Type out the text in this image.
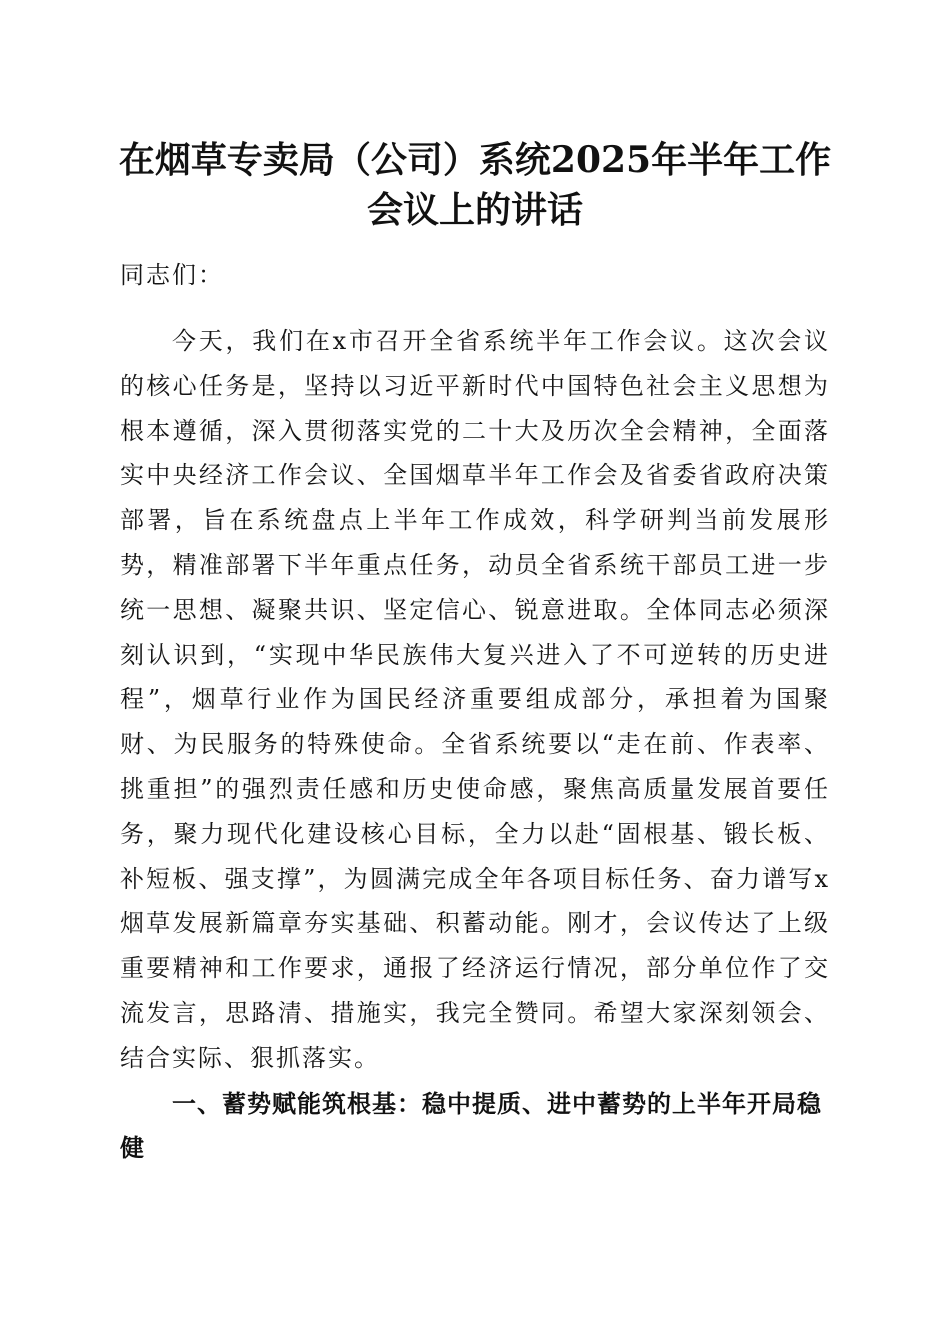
在烟草专卖局（公司）系统2025年半年工作
会议上的讲话
同志们：
今天，我们在x市召开全省系统半年工作会议。这次会议的核心任务是，坚持以习近平新时代中国特色社会主义思想为根本遵循，深入贯彻落实党的二十大及历次全会精神，全面落实中央经济工作会议、全国烟草半年工作会及省委省政府决策部署，旨在系统盘点上半年工作成效，科学研判当前发展形势，精准部署下半年重点任务，动员全省系统干部员工进一步统一思想、凝聚共识、坚定信心、锐意进取。全体同志必须深刻认识到，“实现中华民族伟大复兴进入了不可逆转的历史进程”，烟草行业作为国民经济重要组成部分，承担着为国聚财、为民服务的特殊使命。全省系统要以“走在前、作表率、挑重担”的强烈责任感和历史使命感，聚焦高质量发展首要任务，聚力现代化建设核心目标，全力以赴“固根基、锻长板、补短板、强支撑”，为圆满完成全年各项目标任务、奋力谱写x烟草发展新篇章夯实基础、积蓄动能。刚才，会议传达了上级重要精神和工作要求，通报了经济运行情况，部分单位作了交流发言，思路清、措施实，我完全赞同。希望大家深刻领会、结合实际、狠抓落实。
一、蓄势赋能筑根基：稳中提质、进中蓄势的上半年开局稳健
